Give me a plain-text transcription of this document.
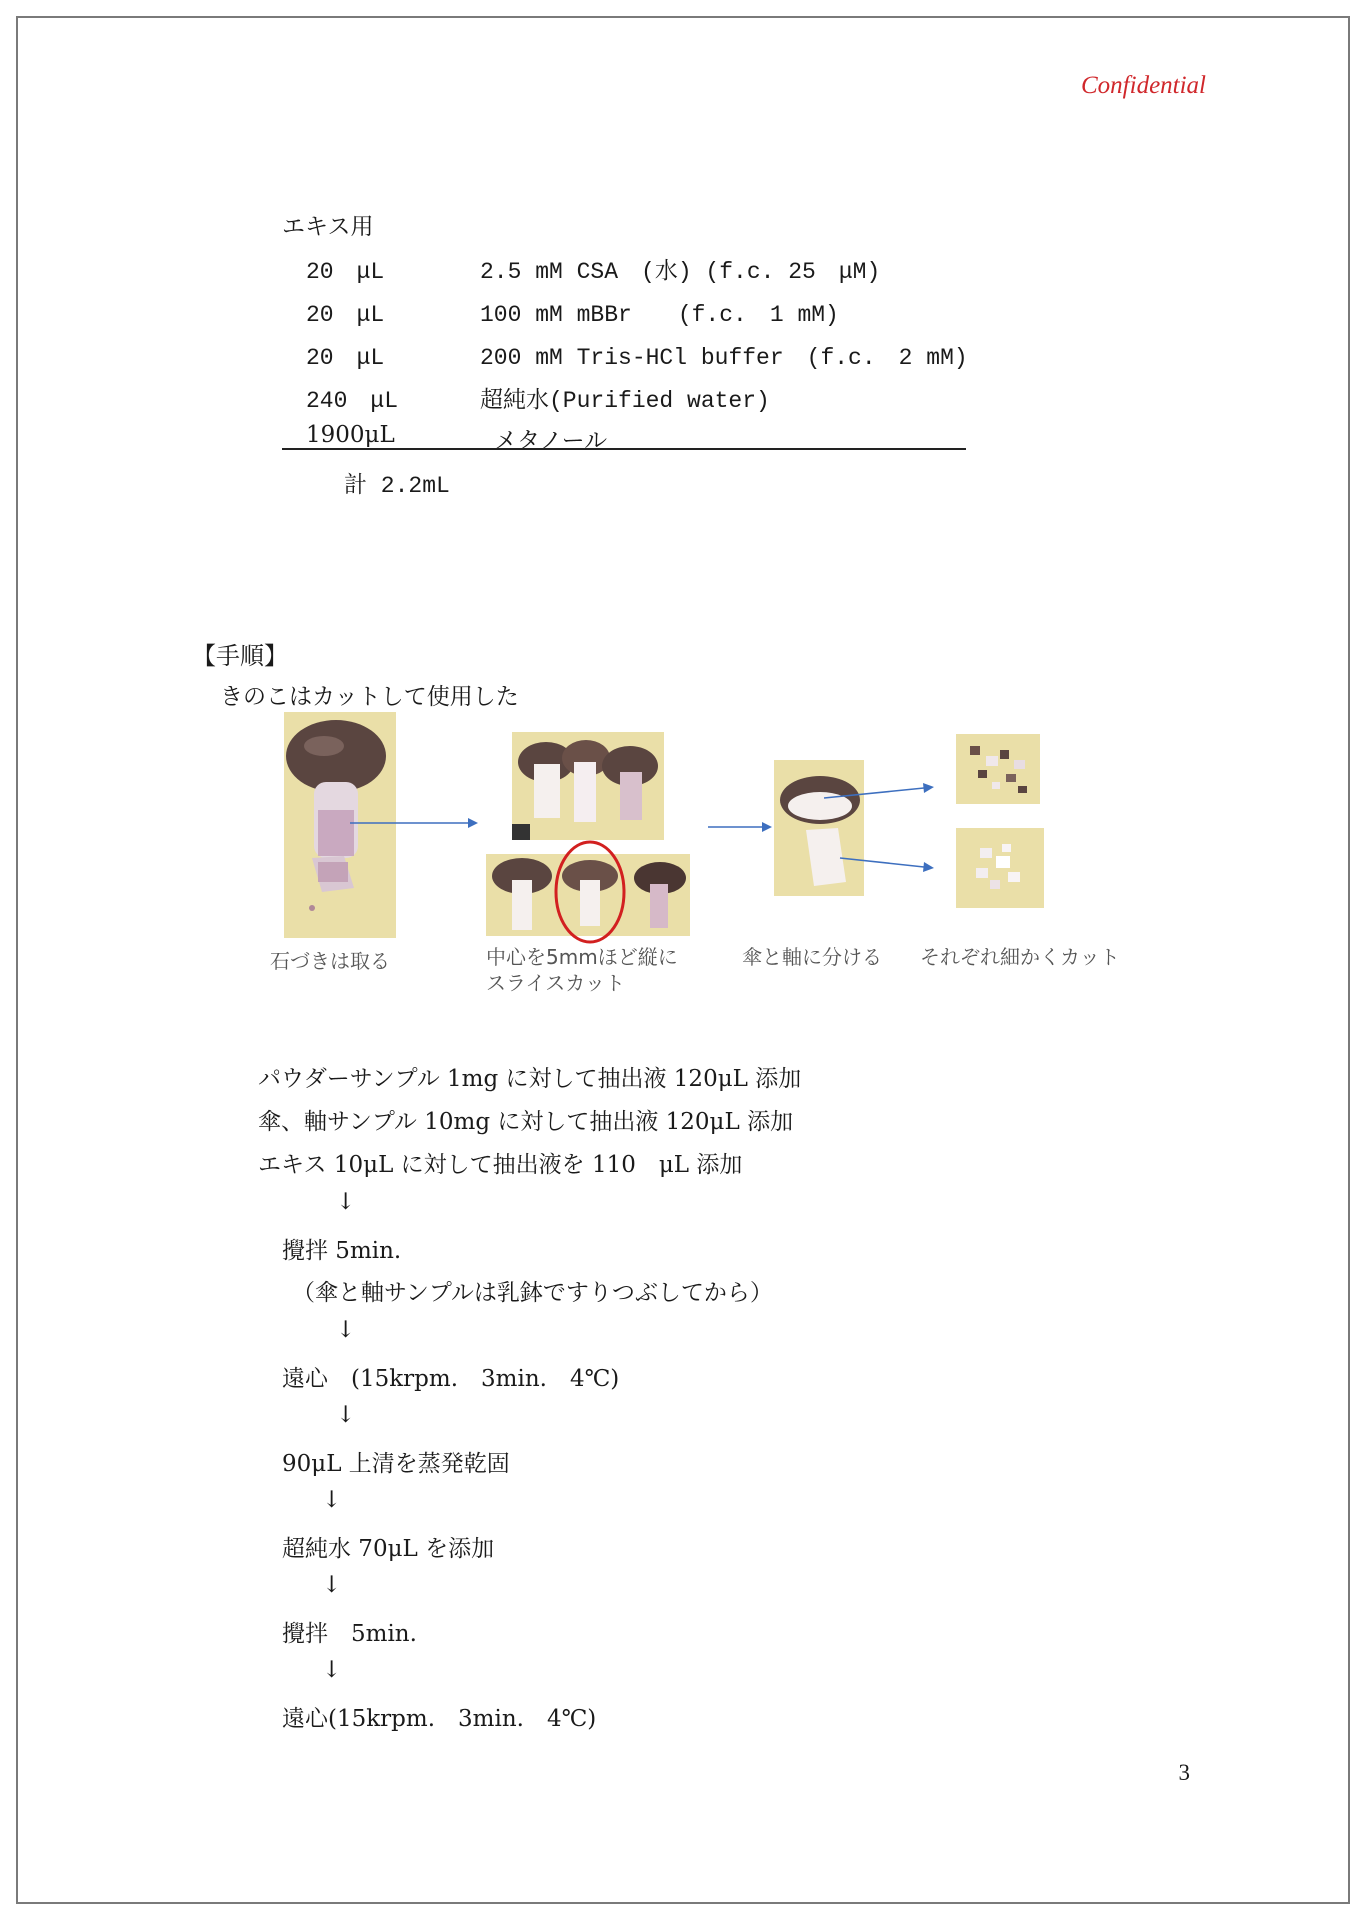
Confidential
エキス用
20　μL	2.5 mM CSA　(水) (f.c. 25　μM)
20　μL	100 mM mBBr　　(f.c.　1 mM)
20　μL	200 mM Tris-HCl buffer　(f.c.　2 mM)
240　μL	超純水(Purified water)
1900μL	メタノール
計 2.2mL
【手順】
きのこはカットして使用した
石づきは取る	中心を5mmほど縦に
スライスカット
傘と軸に分ける それぞれ細かくカット
パウダーサンプル 1mg に対して抽出液 120μL 添加
傘、軸サンプル 10mg に対して抽出液 120μL 添加
エキス 10μL に対して抽出液を 110　μL 添加
↓
攪拌 5min.
（傘と軸サンプルは乳鉢ですりつぶしてから）
↓
遠心　(15krpm.　3min.　4℃)
↓
90μL 上清を蒸発乾固
↓
超純水 70μL を添加
↓
攪拌　5min.
↓
遠心(15krpm.　3min.　4℃)
3
